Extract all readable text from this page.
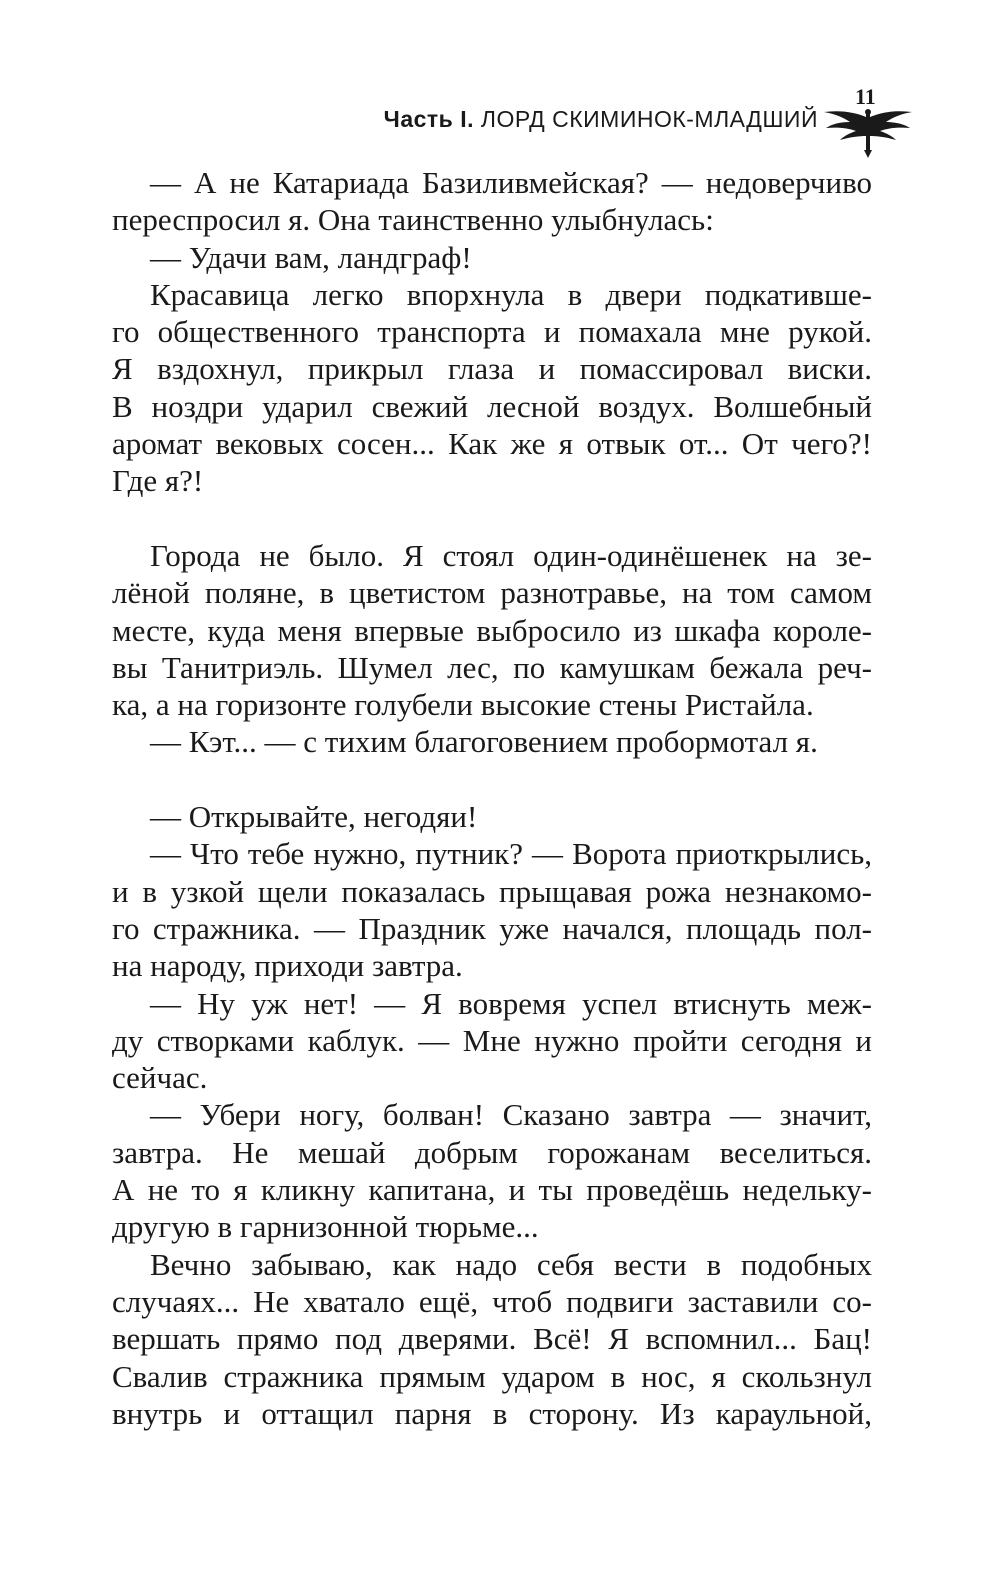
Часть I. ЛОРД СКИМИНОК-МЛАДШИЙ
11
— А не Катариада Базиливмейская? — недоверчиво
переспросил я. Она таинственно улыбнулась:
— Удачи вам, ландграф!
Красавица легко впорхнула в двери подкатившe-
го общественного транспорта и помахала мне рукой.
Я вздохнул, прикрыл глаза и помассировал виски.
В ноздри ударил свежий лесной воздух. Волшебный
аромат вековых сосен... Как же я отвык от... От чего?!
Где я?!
Города не было. Я стоял один-одинёшенек на зе-
лёной поляне, в цветистом разнотравье, на том самом
месте, куда меня впервые выбросило из шкафа короле-
вы Танитриэль. Шумел лес, по камушкам бежала реч-
ка, а на горизонте голубели высокие стены Ристайла.
— Кэт... — с тихим благоговением пробормотал я.
— Открывайте, негодяи!
— Что тебе нужно, путник? — Ворота приоткрылись,
и в узкой щели показалась прыщавая рожа незнакомо-
го стражника. — Праздник уже начался, площадь пол-
на народу, приходи завтра.
— Ну уж нет! — Я вовремя успел втиснуть меж-
ду створками каблук. — Мне нужно пройти сегодня и
сейчас.
— Убери ногу, болван! Сказано завтра — значит,
завтра. Не мешай добрым горожанам веселиться.
А не то я кликну капитана, и ты проведёшь недельку-
другую в гарнизонной тюрьме...
Вечно забываю, как надо себя вести в подобных
случаях... Не хватало ещё, чтоб подвиги заставили со-
вершать прямо под дверями. Всё! Я вспомнил... Бац!
Свалив стражника прямым ударом в нос, я скользнул
внутрь и оттащил парня в сторону. Из караульной,
